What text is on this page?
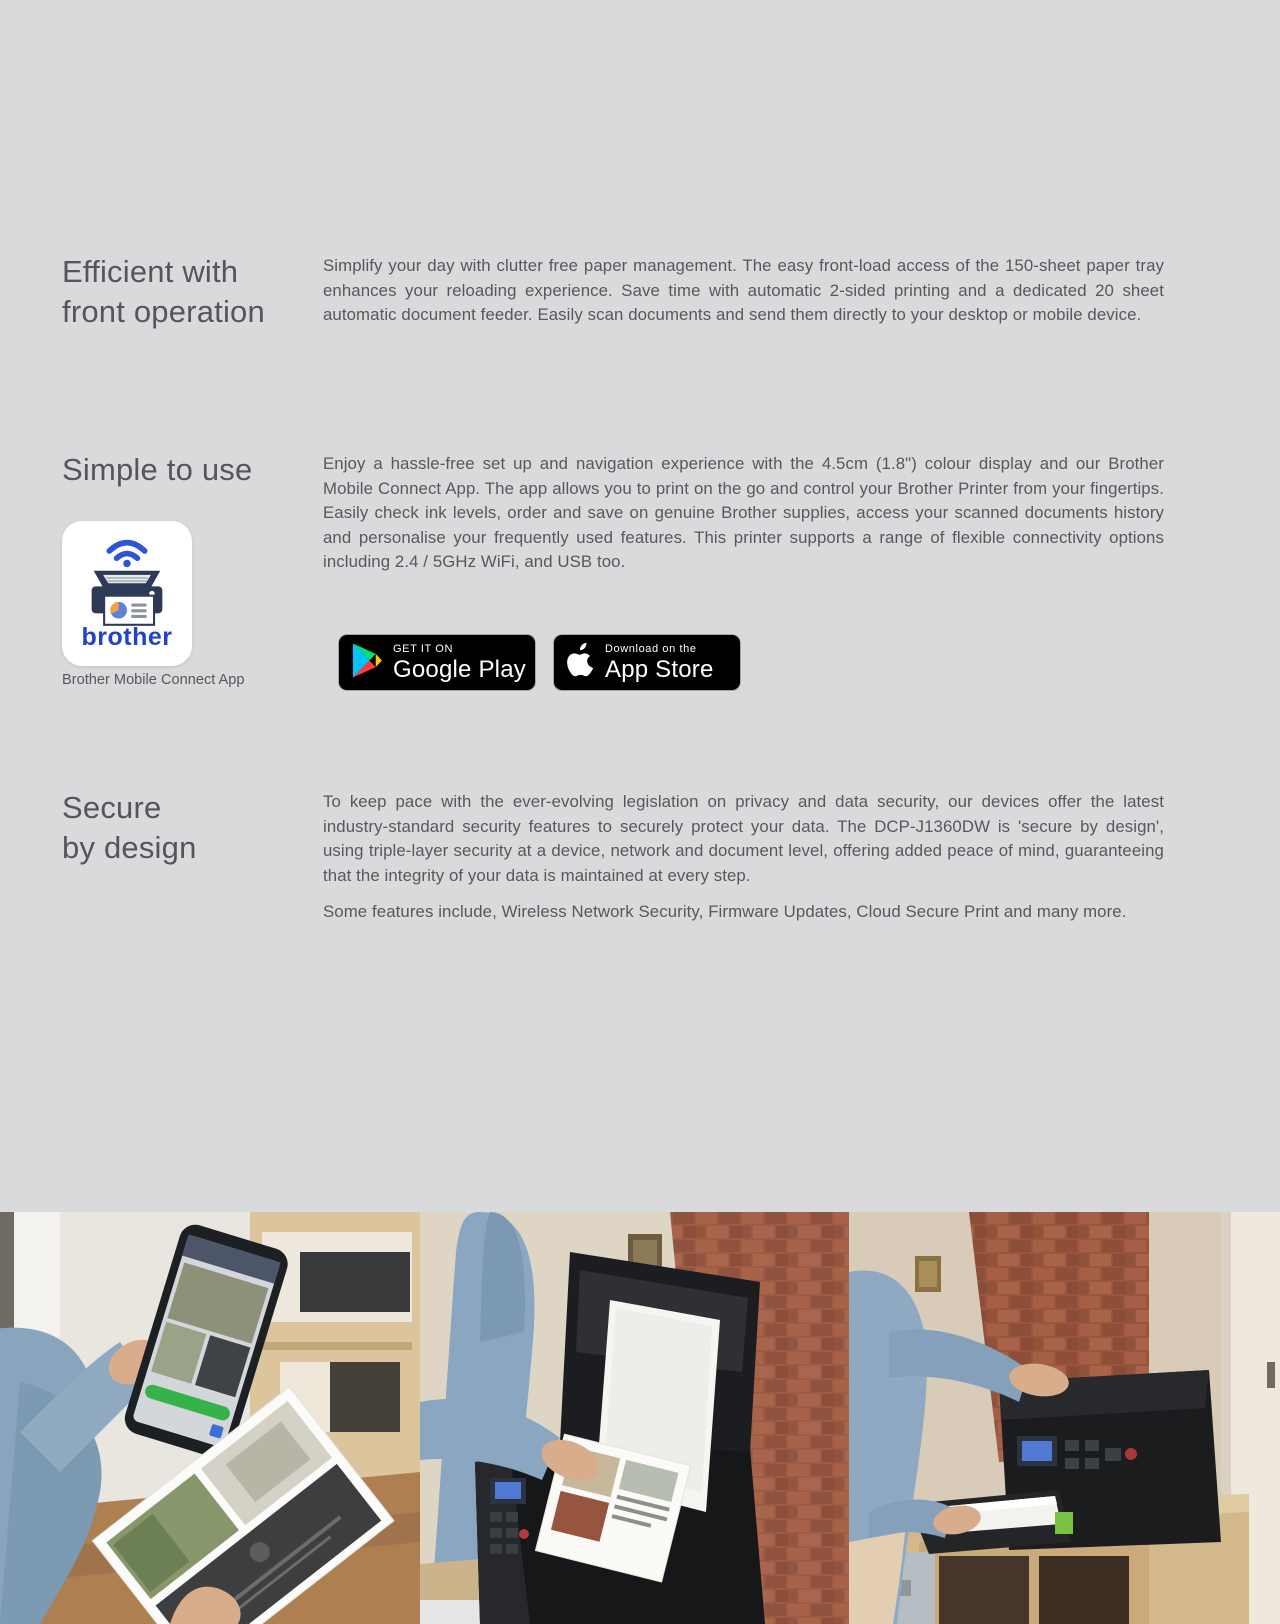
Efficient with
front operation
Simplify your day with clutter free paper management. The easy front-load access of the 150-sheet paper tray enhances your reloading experience. Save time with automatic 2-sided printing and a dedicated 20 sheet automatic document feeder. Easily scan documents and send them directly to your desktop or mobile device.
Simple to use	Enjoy a hassle-free set up and navigation experience with the 4.5cm (1.8") colour display and our Brother Mobile Connect App. The app allows you to print on the go and control your Brother Printer from your fingertips. Easily check ink levels, order and save on genuine Brother supplies, access your scanned documents history and personalise your frequently used features. This printer supports a range of flexible connectivity options including 2.4 / 5GHz WiFi, and USB too.
brother
Brother Mobile Connect App
GET IT ON
Google Play
Download on the
App Store
Secure
by design
To keep pace with the ever-evolving legislation on privacy and data security, our devices offer the latest industry-standard security features to securely protect your data. The DCP-J1360DW is 'secure by design', using triple-layer security at a device, network and document level, offering added peace of mind, guaranteeing that the integrity of your data is maintained at every step.
Some features include, Wireless Network Security, Firmware Updates, Cloud Secure Print and many more.
